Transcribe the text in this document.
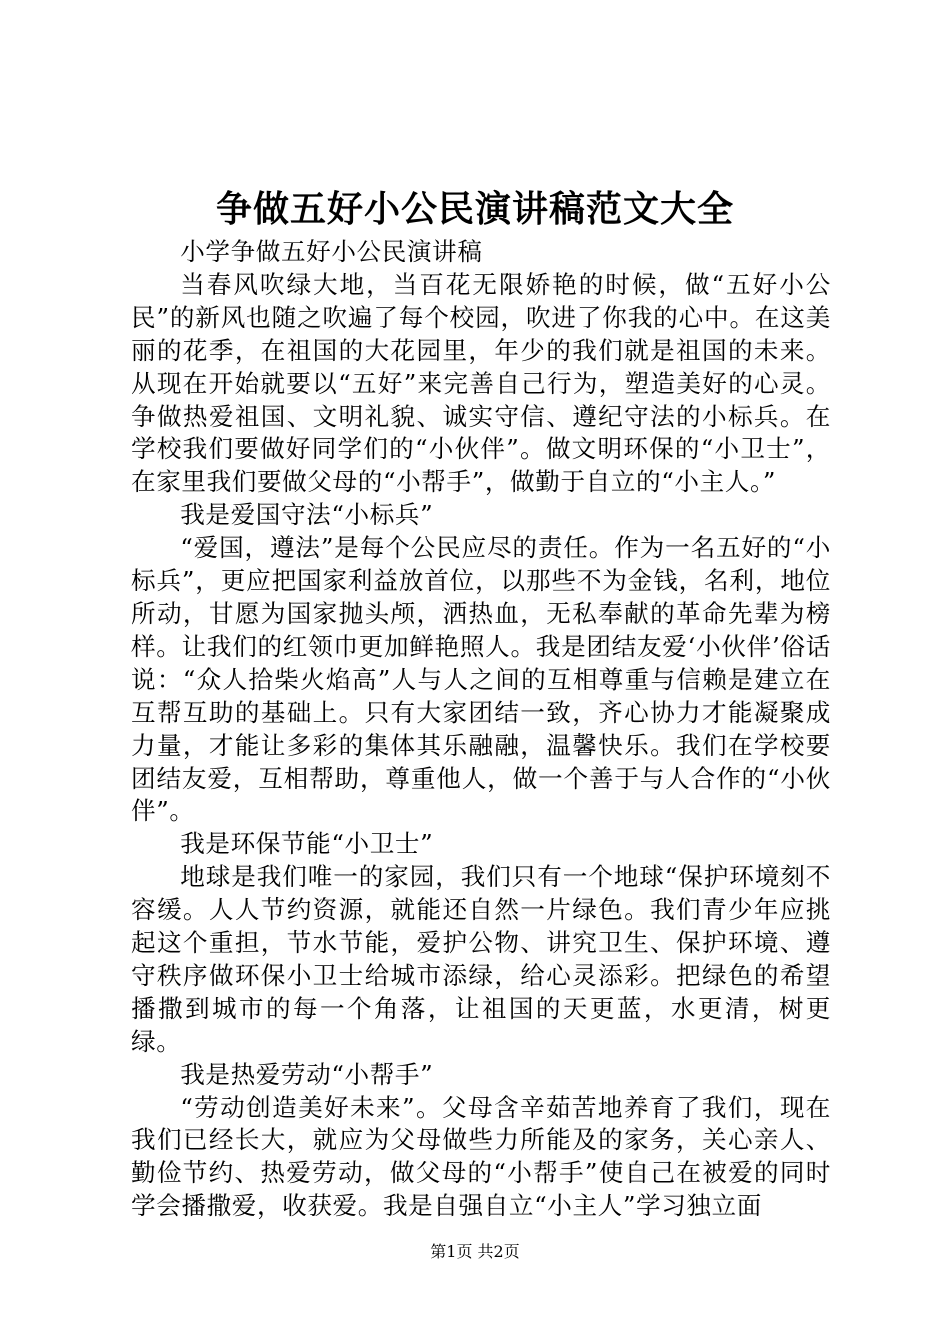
争做五好小公民演讲稿范文大全

小学争做五好小公民演讲稿

当春风吹绿大地，当百花无限娇艳的时候，做“五好小公民”的新风也随之吹遍了每个校园，吹进了你我的心中。在这美丽的花季，在祖国的大花园里，年少的我们就是祖国的未来。从现在开始就要以“五好”来完善自己行为，塑造美好的心灵。争做热爱祖国、文明礼貌、诚实守信、遵纪守法的小标兵。在学校我们要做好同学们的“小伙伴”。做文明环保的“小卫士”，在家里我们要做父母的“小帮手”，做勤于自立的“小主人。”

我是爱国守法“小标兵”

“爱国，遵法”是每个公民应尽的责任。作为一名五好的“小标兵”，更应把国家利益放首位，以那些不为金钱，名利，地位所动，甘愿为国家抛头颅，洒热血，无私奉献的革命先辈为榜样。让我们的红领巾更加鲜艳照人。我是团结友爱‘小伙伴’俗话说：“众人拾柴火焰高”人与人之间的互相尊重与信赖是建立在互帮互助的基础上。只有大家团结一致，齐心协力才能凝聚成力量，才能让多彩的集体其乐融融，温馨快乐。我们在学校要团结友爱，互相帮助，尊重他人，做一个善于与人合作的“小伙伴”。

我是环保节能“小卫士”

地球是我们唯一的家园，我们只有一个地球“保护环境刻不容缓。人人节约资源，就能还自然一片绿色。我们青少年应挑起这个重担，节水节能，爱护公物、讲究卫生、保护环境、遵守秩序做环保小卫士给城市添绿，给心灵添彩。把绿色的希望播撒到城市的每一个角落，让祖国的天更蓝，水更清，树更绿。

我是热爱劳动“小帮手”

“劳动创造美好未来”。父母含辛茹苦地养育了我们，现在我们已经长大，就应为父母做些力所能及的家务，关心亲人、勤俭节约、热爱劳动，做父母的“小帮手”使自己在被爱的同时学会播撒爱，收获爱。我是自强自立“小主人”学习独立面

第1页 共2页
